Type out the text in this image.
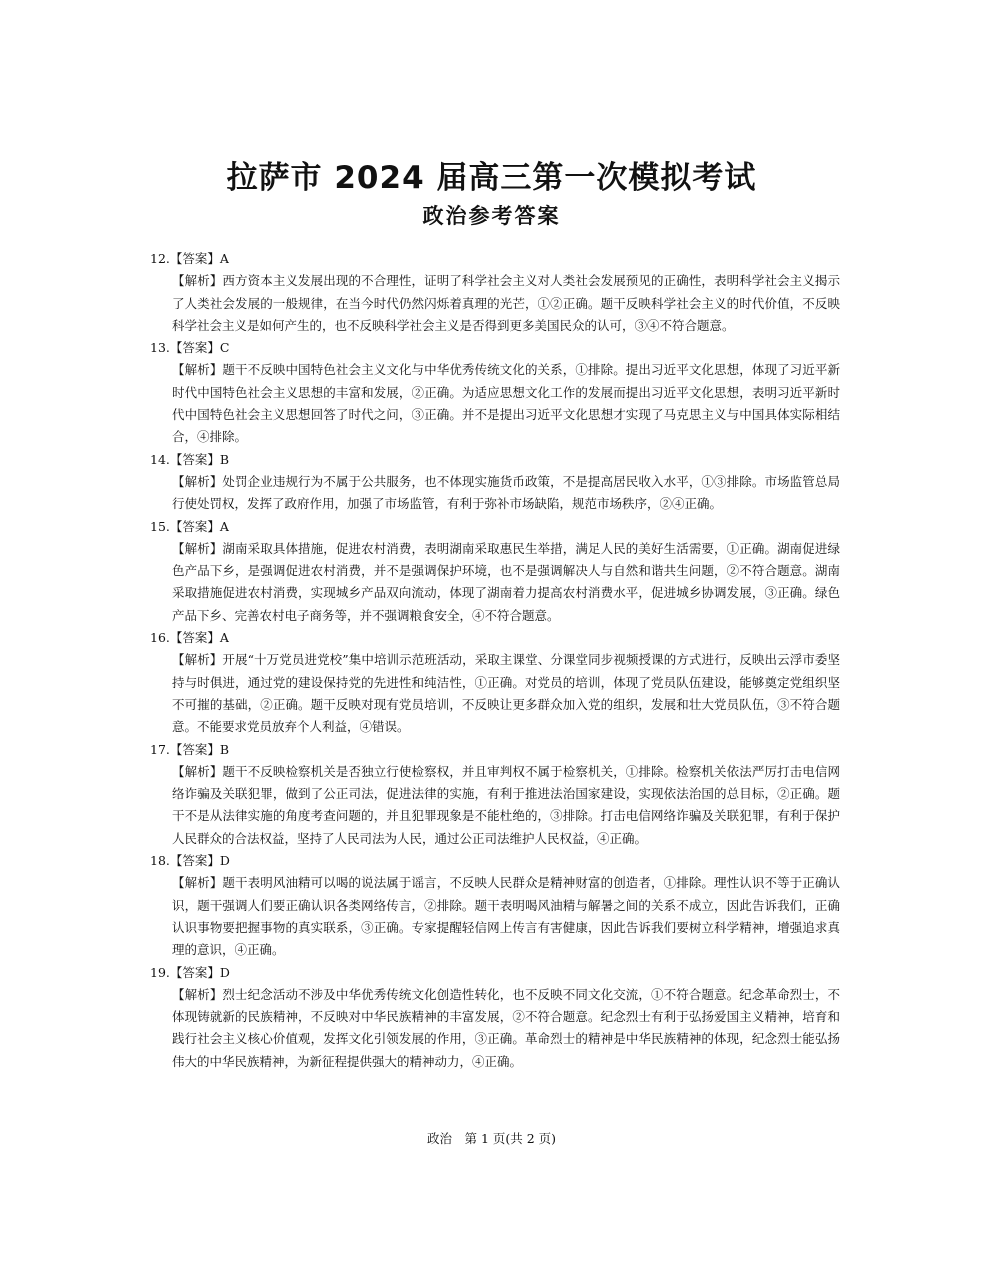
拉萨市 2024 届高三第一次模拟考试
政治参考答案
12.【答案】A
【解析】西方资本主义发展出现的不合理性，证明了科学社会主义对人类社会发展预见的正确性，表明科学社会主义揭示了人类社会发展的一般规律，在当今时代仍然闪烁着真理的光芒，①②正确。题干反映科学社会主义的时代价值，不反映科学社会主义是如何产生的，也不反映科学社会主义是否得到更多美国民众的认可，③④不符合题意。
13.【答案】C
【解析】题干不反映中国特色社会主义文化与中华优秀传统文化的关系，①排除。提出习近平文化思想，体现了习近平新时代中国特色社会主义思想的丰富和发展，②正确。为适应思想文化工作的发展而提出习近平文化思想，表明习近平新时代中国特色社会主义思想回答了时代之问，③正确。并不是提出习近平文化思想才实现了马克思主义与中国具体实际相结合，④排除。
14.【答案】B
【解析】处罚企业违规行为不属于公共服务，也不体现实施货币政策，不是提高居民收入水平，①③排除。市场监管总局行使处罚权，发挥了政府作用，加强了市场监管，有利于弥补市场缺陷，规范市场秩序，②④正确。
15.【答案】A
【解析】湖南采取具体措施，促进农村消费，表明湖南采取惠民生举措，满足人民的美好生活需要，①正确。湖南促进绿色产品下乡，是强调促进农村消费，并不是强调保护环境，也不是强调解决人与自然和谐共生问题，②不符合题意。湖南采取措施促进农村消费，实现城乡产品双向流动，体现了湖南着力提高农村消费水平，促进城乡协调发展，③正确。绿色产品下乡、完善农村电子商务等，并不强调粮食安全，④不符合题意。
16.【答案】A
【解析】开展“十万党员进党校”集中培训示范班活动，采取主课堂、分课堂同步视频授课的方式进行，反映出云浮市委坚持与时俱进，通过党的建设保持党的先进性和纯洁性，①正确。对党员的培训，体现了党员队伍建设，能够奠定党组织坚不可摧的基础，②正确。题干反映对现有党员培训，不反映让更多群众加入党的组织，发展和壮大党员队伍，③不符合题意。不能要求党员放弃个人利益，④错误。
17.【答案】B
【解析】题干不反映检察机关是否独立行使检察权，并且审判权不属于检察机关，①排除。检察机关依法严厉打击电信网络诈骗及关联犯罪，做到了公正司法，促进法律的实施，有利于推进法治国家建设，实现依法治国的总目标，②正确。题干不是从法律实施的角度考查问题的，并且犯罪现象是不能杜绝的，③排除。打击电信网络诈骗及关联犯罪，有利于保护人民群众的合法权益，坚持了人民司法为人民，通过公正司法维护人民权益，④正确。
18.【答案】D
【解析】题干表明风油精可以喝的说法属于谣言，不反映人民群众是精神财富的创造者，①排除。理性认识不等于正确认识，题干强调人们要正确认识各类网络传言，②排除。题干表明喝风油精与解暑之间的关系不成立，因此告诉我们，正确认识事物要把握事物的真实联系，③正确。专家提醒轻信网上传言有害健康，因此告诉我们要树立科学精神，增强追求真理的意识，④正确。
19.【答案】D
【解析】烈士纪念活动不涉及中华优秀传统文化创造性转化，也不反映不同文化交流，①不符合题意。纪念革命烈士，不体现铸就新的民族精神，不反映对中华民族精神的丰富发展，②不符合题意。纪念烈士有利于弘扬爱国主义精神，培育和践行社会主义核心价值观，发挥文化引领发展的作用，③正确。革命烈士的精神是中华民族精神的体现，纪念烈士能弘扬伟大的中华民族精神，为新征程提供强大的精神动力，④正确。
政治　第 1 页(共 2 页)
